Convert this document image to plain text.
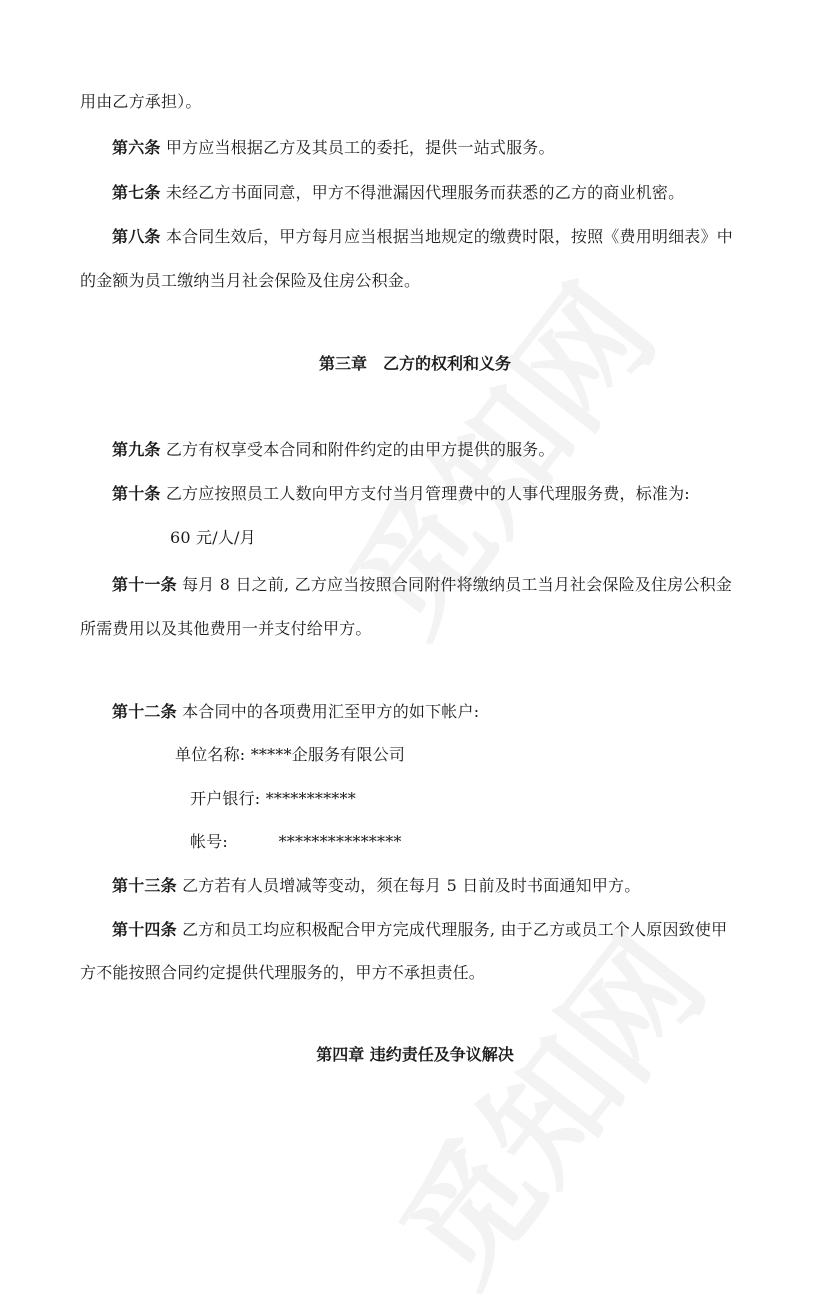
用由乙方承担）。
第六条 甲方应当根据乙方及其员工的委托，提供一站式服务。
第七条 未经乙方书面同意，甲方不得泄漏因代理服务而获悉的乙方的商业机密。
第八条 本合同生效后，甲方每月应当根据当地规定的缴费时限，按照《费用明细表》中
的金额为员工缴纳当月社会保险及住房公积金。
第三章　乙方的权利和义务
第九条 乙方有权享受本合同和附件约定的由甲方提供的服务。
第十条 乙方应按照员工人数向甲方支付当月管理费中的人事代理服务费，标准为:
60 元/人/月
第十一条 每月 8 日之前, 乙方应当按照合同附件将缴纳员工当月社会保险及住房公积金
所需费用以及其他费用一并支付给甲方。
第十二条 本合同中的各项费用汇至甲方的如下帐户:
单位名称: *****企服务有限公司
开户银行: ***********
帐号:	***************
第十三条 乙方若有人员增减等变动，须在每月 5 日前及时书面通知甲方。
第十四条 乙方和员工均应积极配合甲方完成代理服务, 由于乙方或员工个人原因致使甲
方不能按照合同约定提供代理服务的，甲方不承担责任。
第四章 违约责任及争议解决
